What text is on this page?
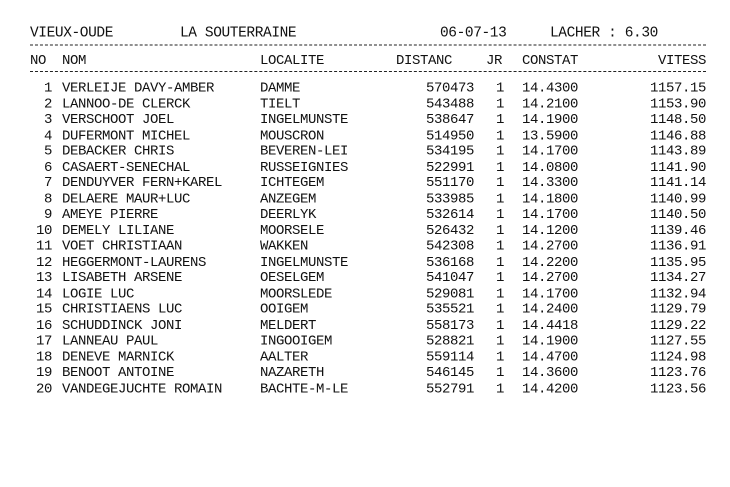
VIEUX-OUDE	LA SOUTERRAINE	06-07-13	LACHER : 6.30
NO NOM	LOCALITE	DISTANC JR CONSTAT	VITESS
1 VERLEIJE DAVY-AMBER	DAMME	570473	1 14.4300	1157.15
2 LANNOO-DE CLERCK	TIELT	543488	1 14.2100	1153.90
3 VERSCHOOT JOEL	INGELMUNSTE	538647	1 14.1900	1148.50
4 DUFERMONT MICHEL	MOUSCRON	514950	1 13.5900	1146.88
5 DEBACKER CHRIS	BEVEREN-LEI	534195	1 14.1700	1143.89
6 CASAERT-SENECHAL	RUSSEIGNIES	522991	1 14.0800	1141.90
7 DENDUYVER FERN+KAREL	ICHTEGEM	551170	1 14.3300	1141.14
8 DELAERE MAUR+LUC	ANZEGEM	533985	1 14.1800	1140.99
9 AMEYE PIERRE	DEERLYK	532614	1 14.1700	1140.50
10 DEMELY LILIANE	MOORSELE	526432	1 14.1200	1139.46
11 VOET CHRISTIAAN	WAKKEN	542308	1 14.2700	1136.91
12 HEGGERMONT-LAURENS	INGELMUNSTE	536168	1 14.2200	1135.95
13 LISABETH ARSENE	OESELGEM	541047	1 14.2700	1134.27
14 LOGIE LUC	MOORSLEDE	529081	1 14.1700	1132.94
15 CHRISTIAENS LUC	OOIGEM	535521	1 14.2400	1129.79
16 SCHUDDINCK JONI	MELDERT	558173	1 14.4418	1129.22
17 LANNEAU PAUL	INGOOIGEM	528821	1 14.1900	1127.55
18 DENEVE MARNICK	AALTER	559114	1 14.4700	1124.98
19 BENOOT ANTOINE	NAZARETH	546145	1 14.3600	1123.76
20 VANDEGEJUCHTE ROMAIN	BACHTE-M-LE	552791	1 14.4200	1123.56
